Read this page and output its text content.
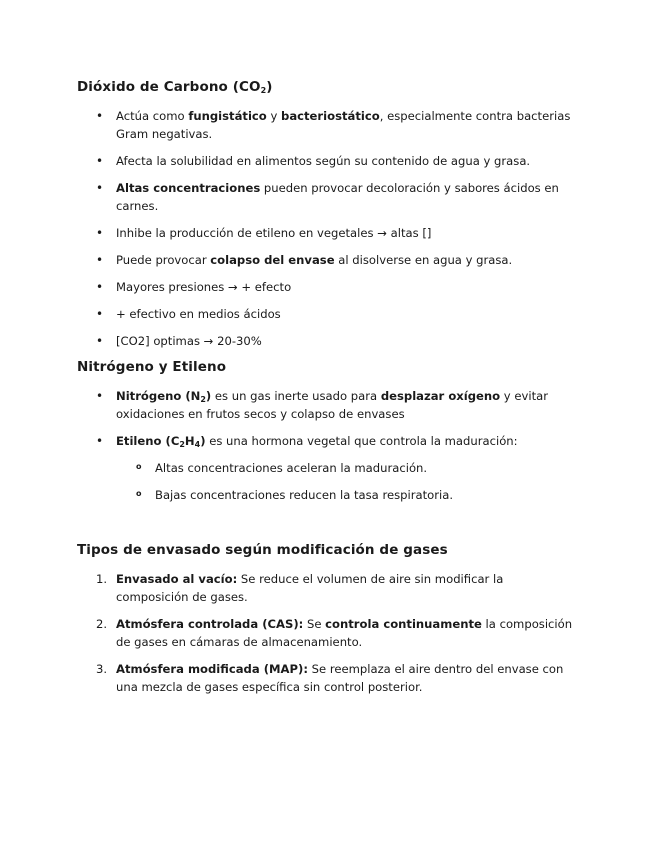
Dióxido de Carbono $(CO_2)$
• Actúa como fungistático y bacteriostático, especialmente contra bacterias Gram negativas.
• Afecta la solubilidad en alimentos según su contenido de agua y grasa.
• Altas concentraciones pueden provocar decoloración y sabores ácidos en carnes.
• Inhibe la producción de etileno en vegetales → altas []
• Puede provocar colapso del envase al disolverse en agua y grasa.
• Mayores presiones → + efecto
• + efectivo en medios ácidos
• [CO2] optimas → 20-30%
Nitrógeno y Etileno
• Nitrógeno $(N_2)$ es un gas inerte usado para desplazar oxígeno y evitar oxidaciones en frutos secos y colapso de envases
• Etileno $(C_2H_4)$ es una hormona vegetal que controla la maduración:
o Altas concentraciones aceleran la maduración.
o Bajas concentraciones reducen la tasa respiratoria.
Tipos de envasado según modificación de gases
1. Envasado al vacío: Se reduce el volumen de aire sin modificar la composición de gases.
2. Atmósfera controlada (CAS): Se controla continuamente la composición de gases en cámaras de almacenamiento.
3. Atmósfera modificada (MAP): Se reemplaza el aire dentro del envase con una mezcla de gases específica sin control posterior.
